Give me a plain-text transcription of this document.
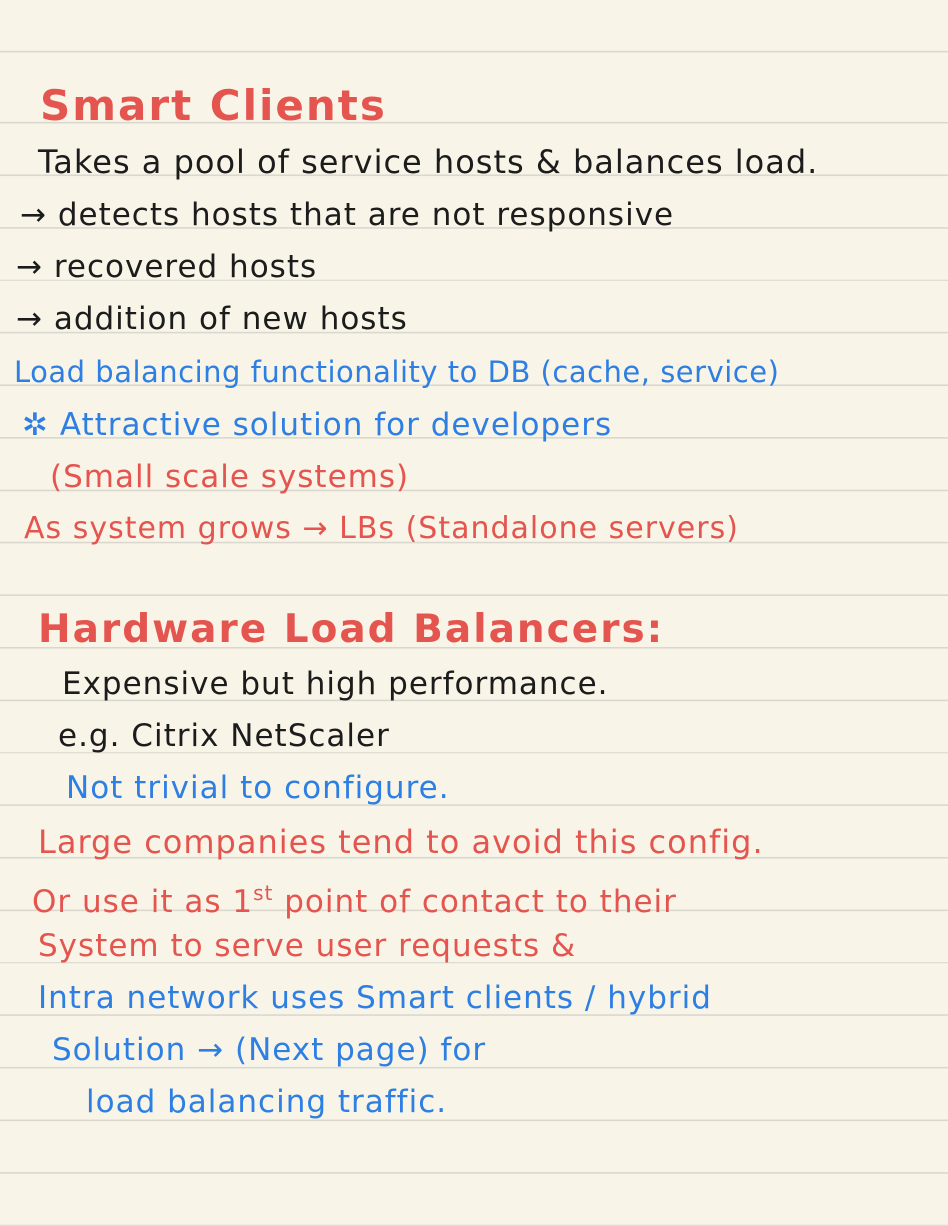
Smart Clients
Takes a pool of service hosts & balances load.
→ detects hosts that are not responsive
→ recovered hosts
→ addition of new hosts
Load balancing functionality to DB (cache, service)
✲ Attractive solution for developers
(Small scale systems)
As system grows → LBs (Standalone servers)
Hardware Load Balancers:
Expensive but high performance.
e.g. Citrix NetScaler
Not trivial to configure.
Large companies tend to avoid this config.
Or use it as 1st point of contact to their
System to serve user requests &
Intra network uses Smart clients / hybrid
Solution → (Next page) for
load balancing traffic.
